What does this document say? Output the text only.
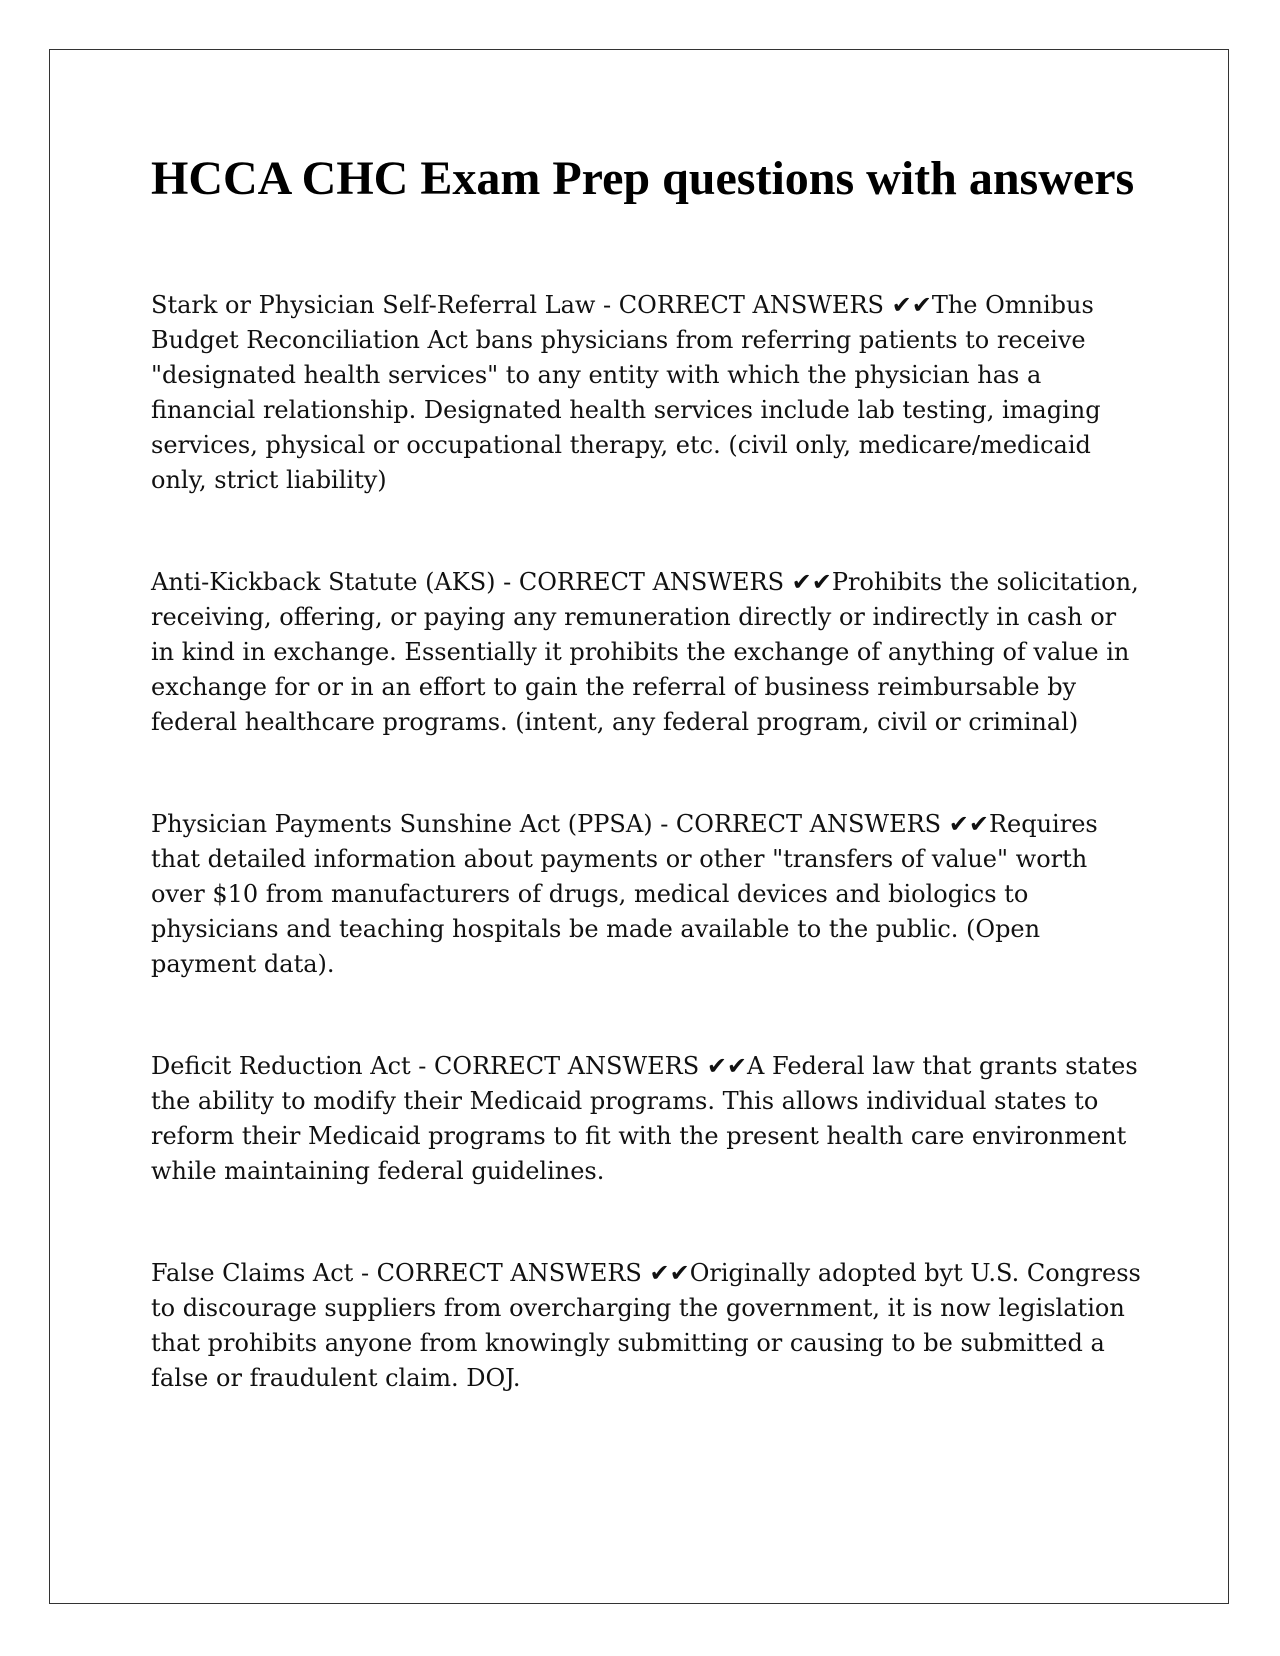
HCCA CHC Exam Prep questions with answers

Stark or Physician Self-Referral Law - CORRECT ANSWERS ✔✔The Omnibus Budget Reconciliation Act bans physicians from referring patients to receive "designated health services" to any entity with which the physician has a financial relationship. Designated health services include lab testing, imaging services, physical or occupational therapy, etc. (civil only, medicare/medicaid only, strict liability)

Anti-Kickback Statute (AKS) - CORRECT ANSWERS ✔✔Prohibits the solicitation, receiving, offering, or paying any remuneration directly or indirectly in cash or in kind in exchange. Essentially it prohibits the exchange of anything of value in exchange for or in an effort to gain the referral of business reimbursable by federal healthcare programs. (intent, any federal program, civil or criminal)

Physician Payments Sunshine Act (PPSA) - CORRECT ANSWERS ✔✔Requires that detailed information about payments or other "transfers of value" worth over $10 from manufacturers of drugs, medical devices and biologics to physicians and teaching hospitals be made available to the public. (Open payment data).

Deficit Reduction Act - CORRECT ANSWERS ✔✔A Federal law that grants states the ability to modify their Medicaid programs. This allows individual states to reform their Medicaid programs to fit with the present health care environment while maintaining federal guidelines.

False Claims Act - CORRECT ANSWERS ✔✔Originally adopted byt U.S. Congress to discourage suppliers from overcharging the government, it is now legislation that prohibits anyone from knowingly submitting or causing to be submitted a false or fraudulent claim. DOJ.
